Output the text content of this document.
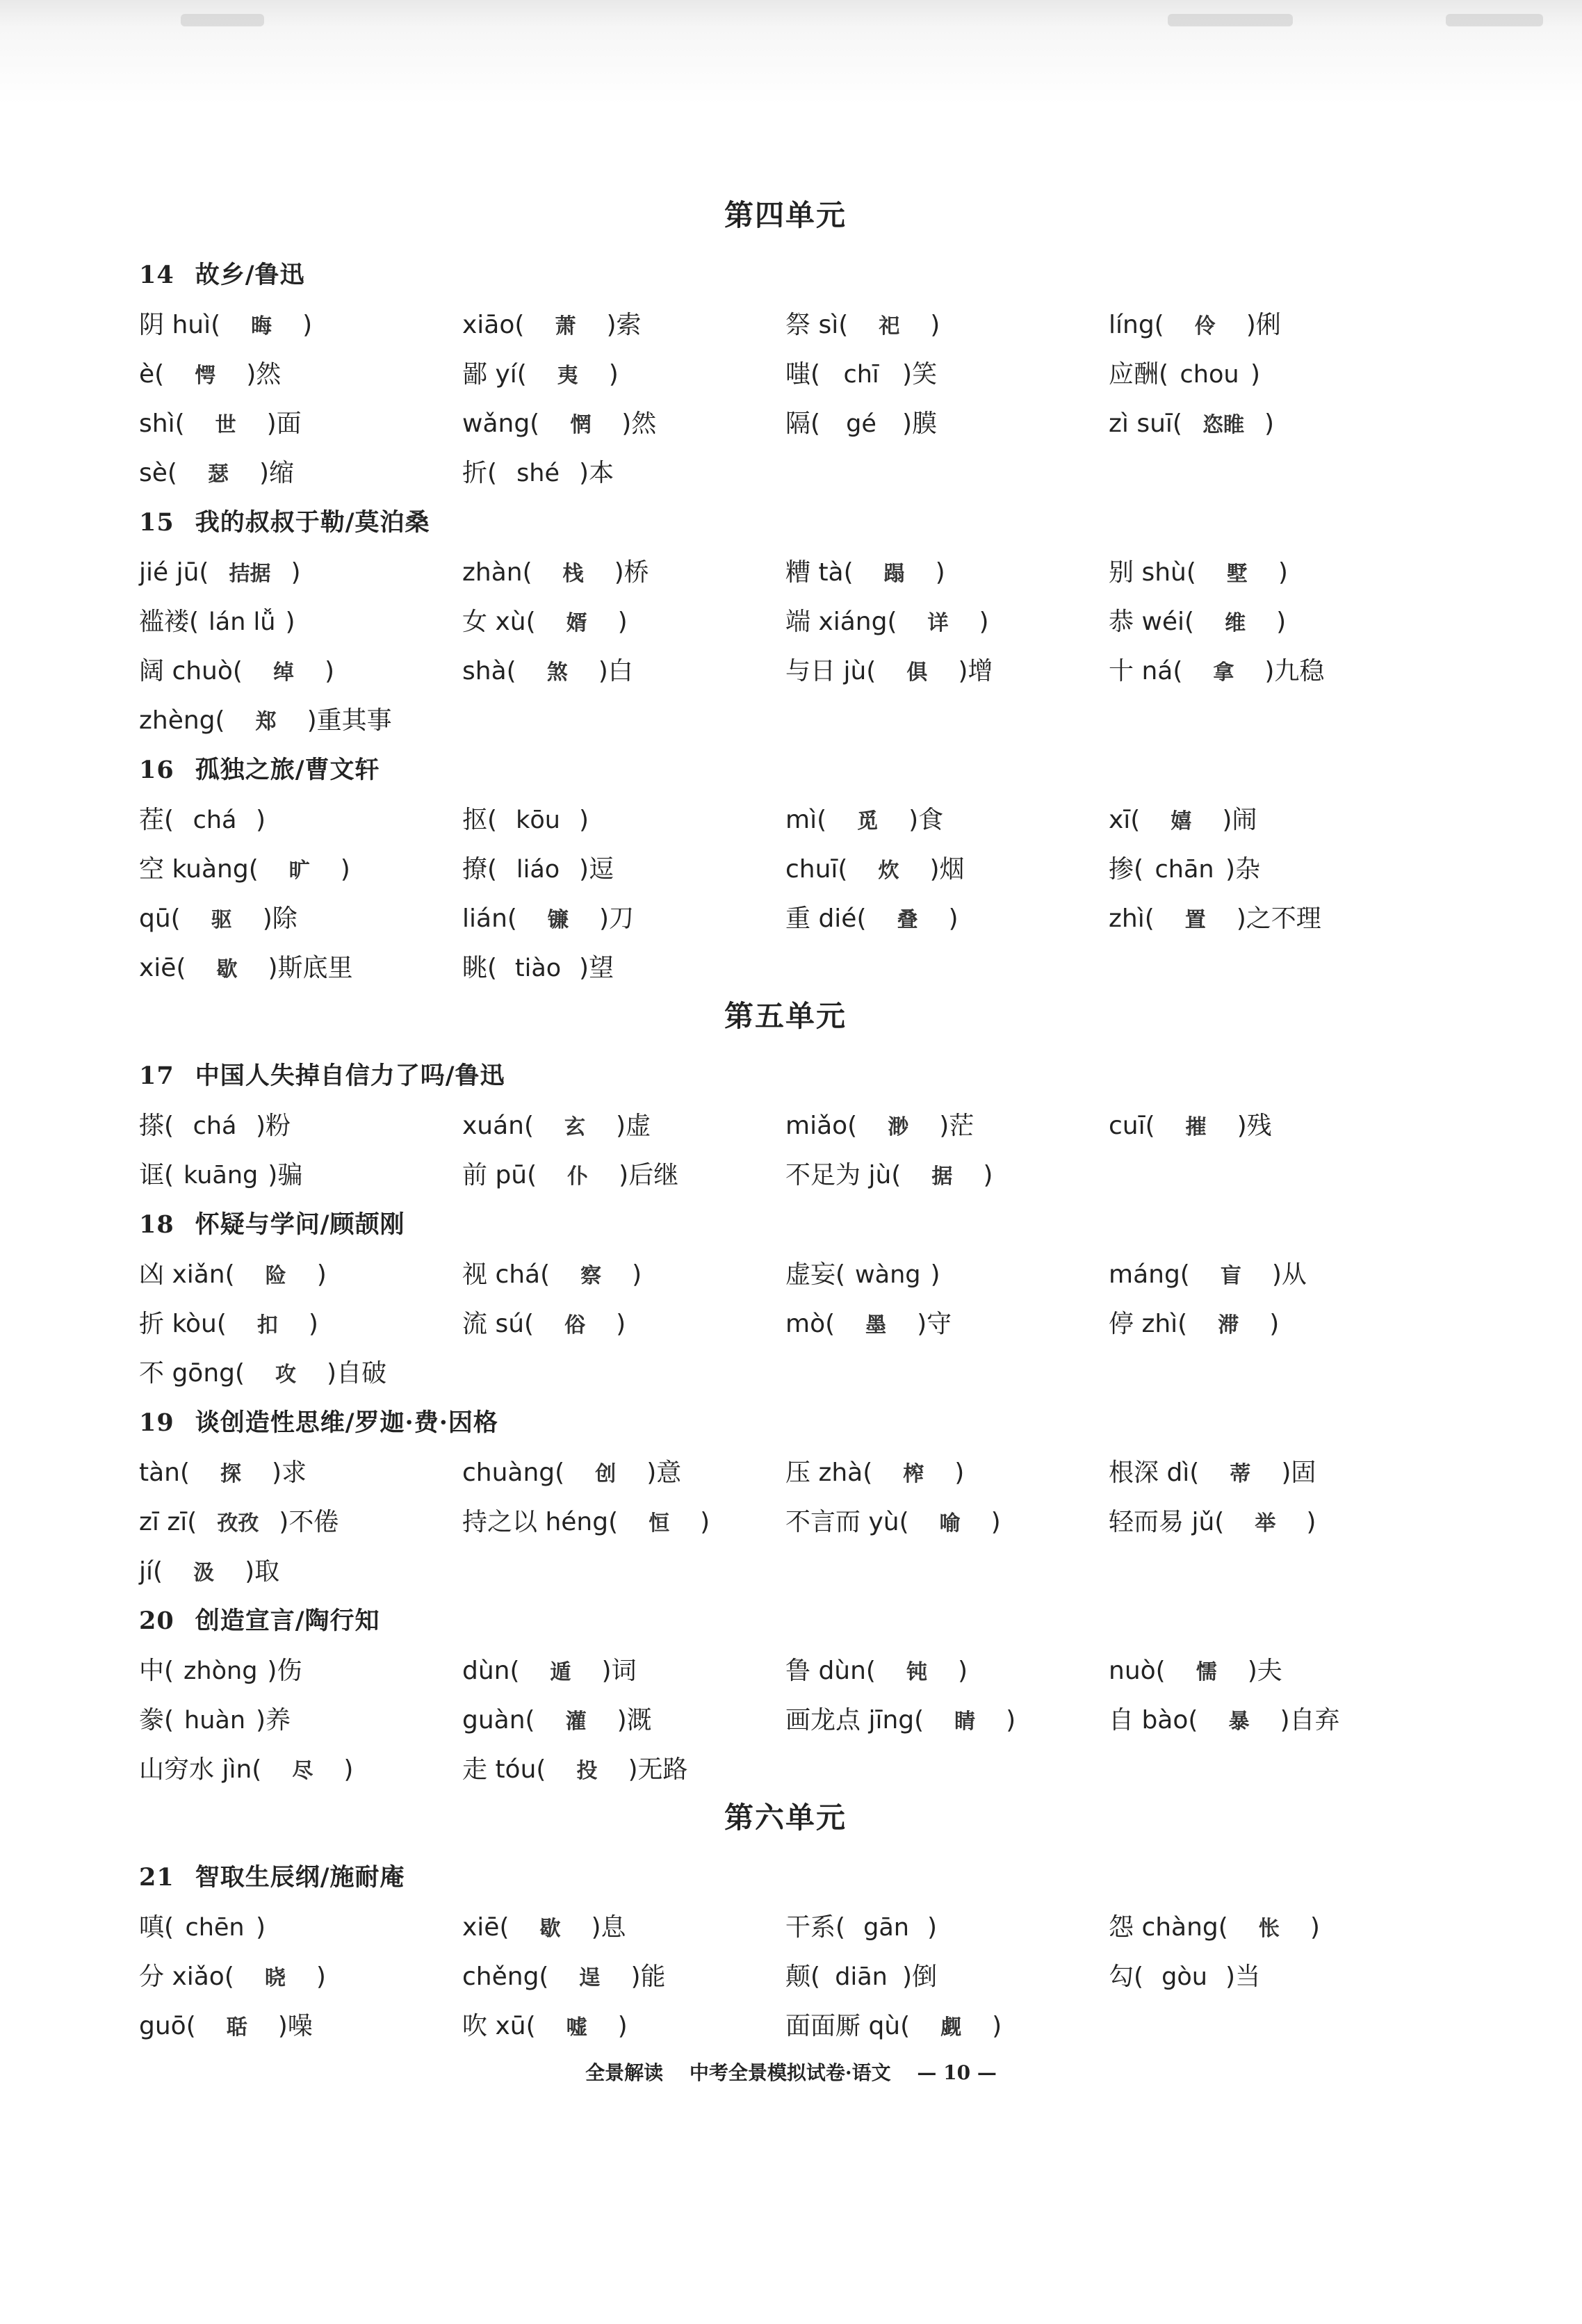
第四单元
14 故乡/鲁迅
阴 huì( 晦 )	xiāo( 萧 )索	祭 sì( 祀 )	líng( 伶 )俐
è( 愕 )然	鄙 yí( 夷 )	嗤( chī )笑	应酬( chou )
shì( 世 )面	wǎng( 惘 )然	隔( gé )膜	zì suī( 恣睢 )
sè( 瑟 )缩	折( shé )本
15 我的叔叔于勒/莫泊桑
jié jū( 拮据 )	zhàn( 栈 )桥	糟 tà( 蹋 )	别 shù( 墅 )
褴褛( lán lǚ )	女 xù( 婿 )	端 xiáng( 详 )	恭 wéi( 维 )
阔 chuò( 绰 )	shà( 煞 )白	与日 jù( 俱 )增	十 ná( 拿 )九稳
zhèng( 郑 )重其事
16 孤独之旅/曹文轩
茬( chá )	抠( kōu )	mì( 觅 )食	xī( 嬉 )闹
空 kuàng( 旷 )	撩( liáo )逗	chuī( 炊 )烟	掺( chān )杂
qū( 驱 )除	lián( 镰 )刀	重 dié( 叠 )	zhì( 置 )之不理
xiē( 歇 )斯底里	眺( tiào )望
第五单元
17 中国人失掉自信力了吗/鲁迅
搽( chá )粉	xuán( 玄 )虚	miǎo( 渺 )茫	cuī( 摧 )残
诓( kuāng )骗	前 pū( 仆 )后继	不足为 jù( 据 )
18 怀疑与学问/顾颉刚
凶 xiǎn( 险 )	视 chá( 察 )	虚妄( wàng )	máng( 盲 )从
折 kòu( 扣 )	流 sú( 俗 )	mò( 墨 )守	停 zhì( 滞 )
不 gōng( 攻 )自破
19 谈创造性思维/罗迦·费·因格
tàn( 探 )求	chuàng( 创 )意	压 zhà( 榨 )	根深 dì( 蒂 )固
zī zī( 孜孜 )不倦	持之以 héng( 恒 )	不言而 yù( 喻 )	轻而易 jǔ( 举 )
jí( 汲 )取
20 创造宣言/陶行知
中( zhòng )伤	dùn( 遁 )词	鲁 dùn( 钝 )	nuò( 懦 )夫
豢( huàn )养	guàn( 灌 )溉	画龙点 jīng( 睛 )	自 bào( 暴 )自弃
山穷水 jìn( 尽 )	走 tóu( 投 )无路
第六单元
21 智取生辰纲/施耐庵
嗔( chēn )	xiē( 歇 )息	干系( gān )	怨 chàng( 怅 )
分 xiǎo( 晓 )	chěng( 逞 )能	颠( diān )倒	勾( gòu )当
guō( 聒 )噪	吹 xū( 嘘 )	面面厮 qù( 觑 )
全景解读 中考全景模拟试卷·语文 — 10 —
